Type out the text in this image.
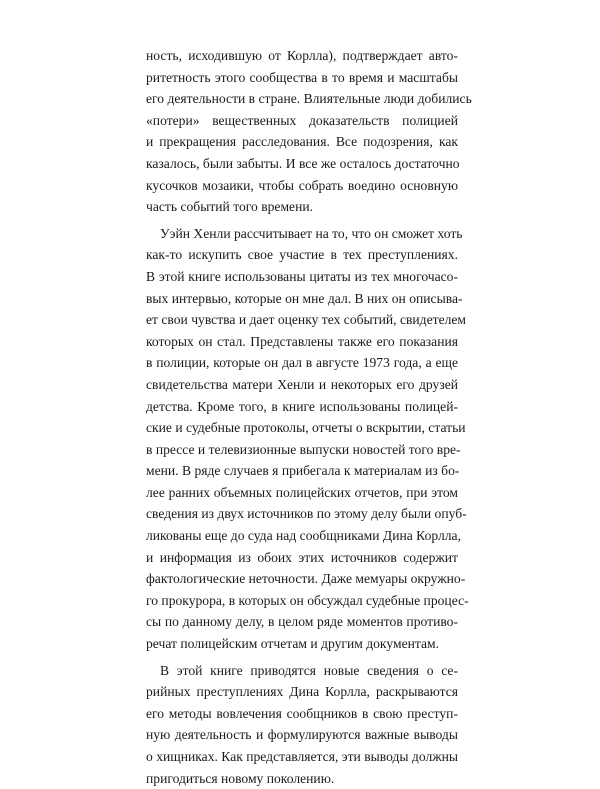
ность, исходившую от Корлла), подтверждает авто-
ритетность этого сообщества в то время и масштабы
его деятельности в стране. Влиятельные люди добились
«потери» вещественных доказательств полицией
и прекращения расследования. Все подозрения, как
казалось, были забыты. И все же осталось достаточно
кусочков мозаики, чтобы собрать воедино основную
часть событий того времени.
Уэйн Хенли рассчитывает на то, что он сможет хоть
как-то искупить свое участие в тех преступлениях.
В этой книге использованы цитаты из тех многочасо-
вых интервью, которые он мне дал. В них он описыва-
ет свои чувства и дает оценку тех событий, свидетелем
которых он стал. Представлены также его показания
в полиции, которые он дал в августе 1973 года, а еще
свидетельства матери Хенли и некоторых его друзей
детства. Кроме того, в книге использованы полицей-
ские и судебные протоколы, отчеты о вскрытии, статьи
в прессе и телевизионные выпуски новостей того вре-
мени. В ряде случаев я прибегала к материалам из бо-
лее ранних объемных полицейских отчетов, при этом
сведения из двух источников по этому делу были опуб-
ликованы еще до суда над сообщниками Дина Корлла,
и информация из обоих этих источников содержит
фактологические неточности. Даже мемуары окружно-
го прокурора, в которых он обсуждал судебные процес-
сы по данному делу, в целом ряде моментов противо-
речат полицейским отчетам и другим документам.
В этой книге приводятся новые сведения о се-
рийных преступлениях Дина Корлла, раскрываются
его методы вовлечения сообщников в свою преступ-
ную деятельность и формулируются важные выводы
о хищниках. Как представляется, эти выводы должны
пригодиться новому поколению.
